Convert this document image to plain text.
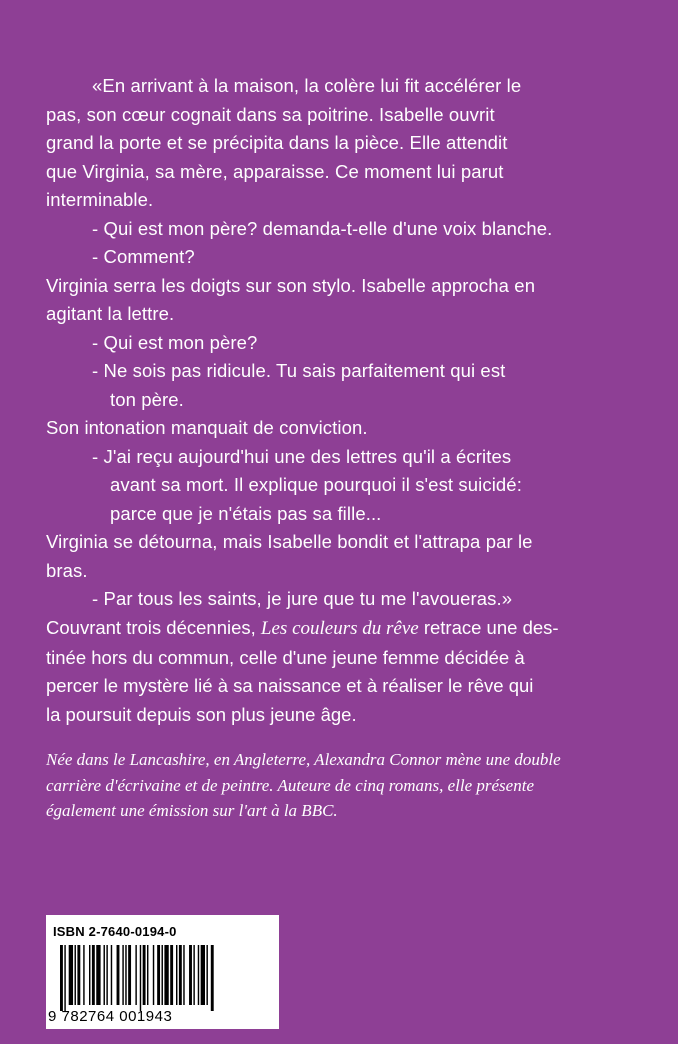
«En arrivant à la maison, la colère lui fit accélérer le

pas, son cœur cognait dans sa poitrine. Isabelle ouvrit

grand la porte et se précipita dans la pièce. Elle attendit

que Virginia, sa mère, apparaisse. Ce moment lui parut

interminable.

- Qui est mon père? demanda-t-elle d'une voix blanche.

- Comment?

Virginia serra les doigts sur son stylo. Isabelle approcha en

agitant la lettre.

- Qui est mon père?

- Ne sois pas ridicule. Tu sais parfaitement qui est

ton père.

Son intonation manquait de conviction.

- J'ai reçu aujourd'hui une des lettres qu'il a écrites

avant sa mort. Il explique pourquoi il s'est suicidé:

parce que je n'étais pas sa fille...

Virginia se détourna, mais Isabelle bondit et l'attrapa par le

bras.

- Par tous les saints, je jure que tu me l'avoueras.»

Couvrant trois décennies, Les couleurs du rêve retrace une des-

tinée hors du commun, celle d'une jeune femme décidée à

percer le mystère lié à sa naissance et à réaliser le rêve qui

la poursuit depuis son plus jeune âge.

Née dans le Lancashire, en Angleterre, Alexandra Connor mène une double

carrière d'écrivaine et de peintre. Auteure de cinq romans, elle présente

également une émission sur l'art à la BBC.

ISBN 2-7640-0194-0
9 782764 001943
